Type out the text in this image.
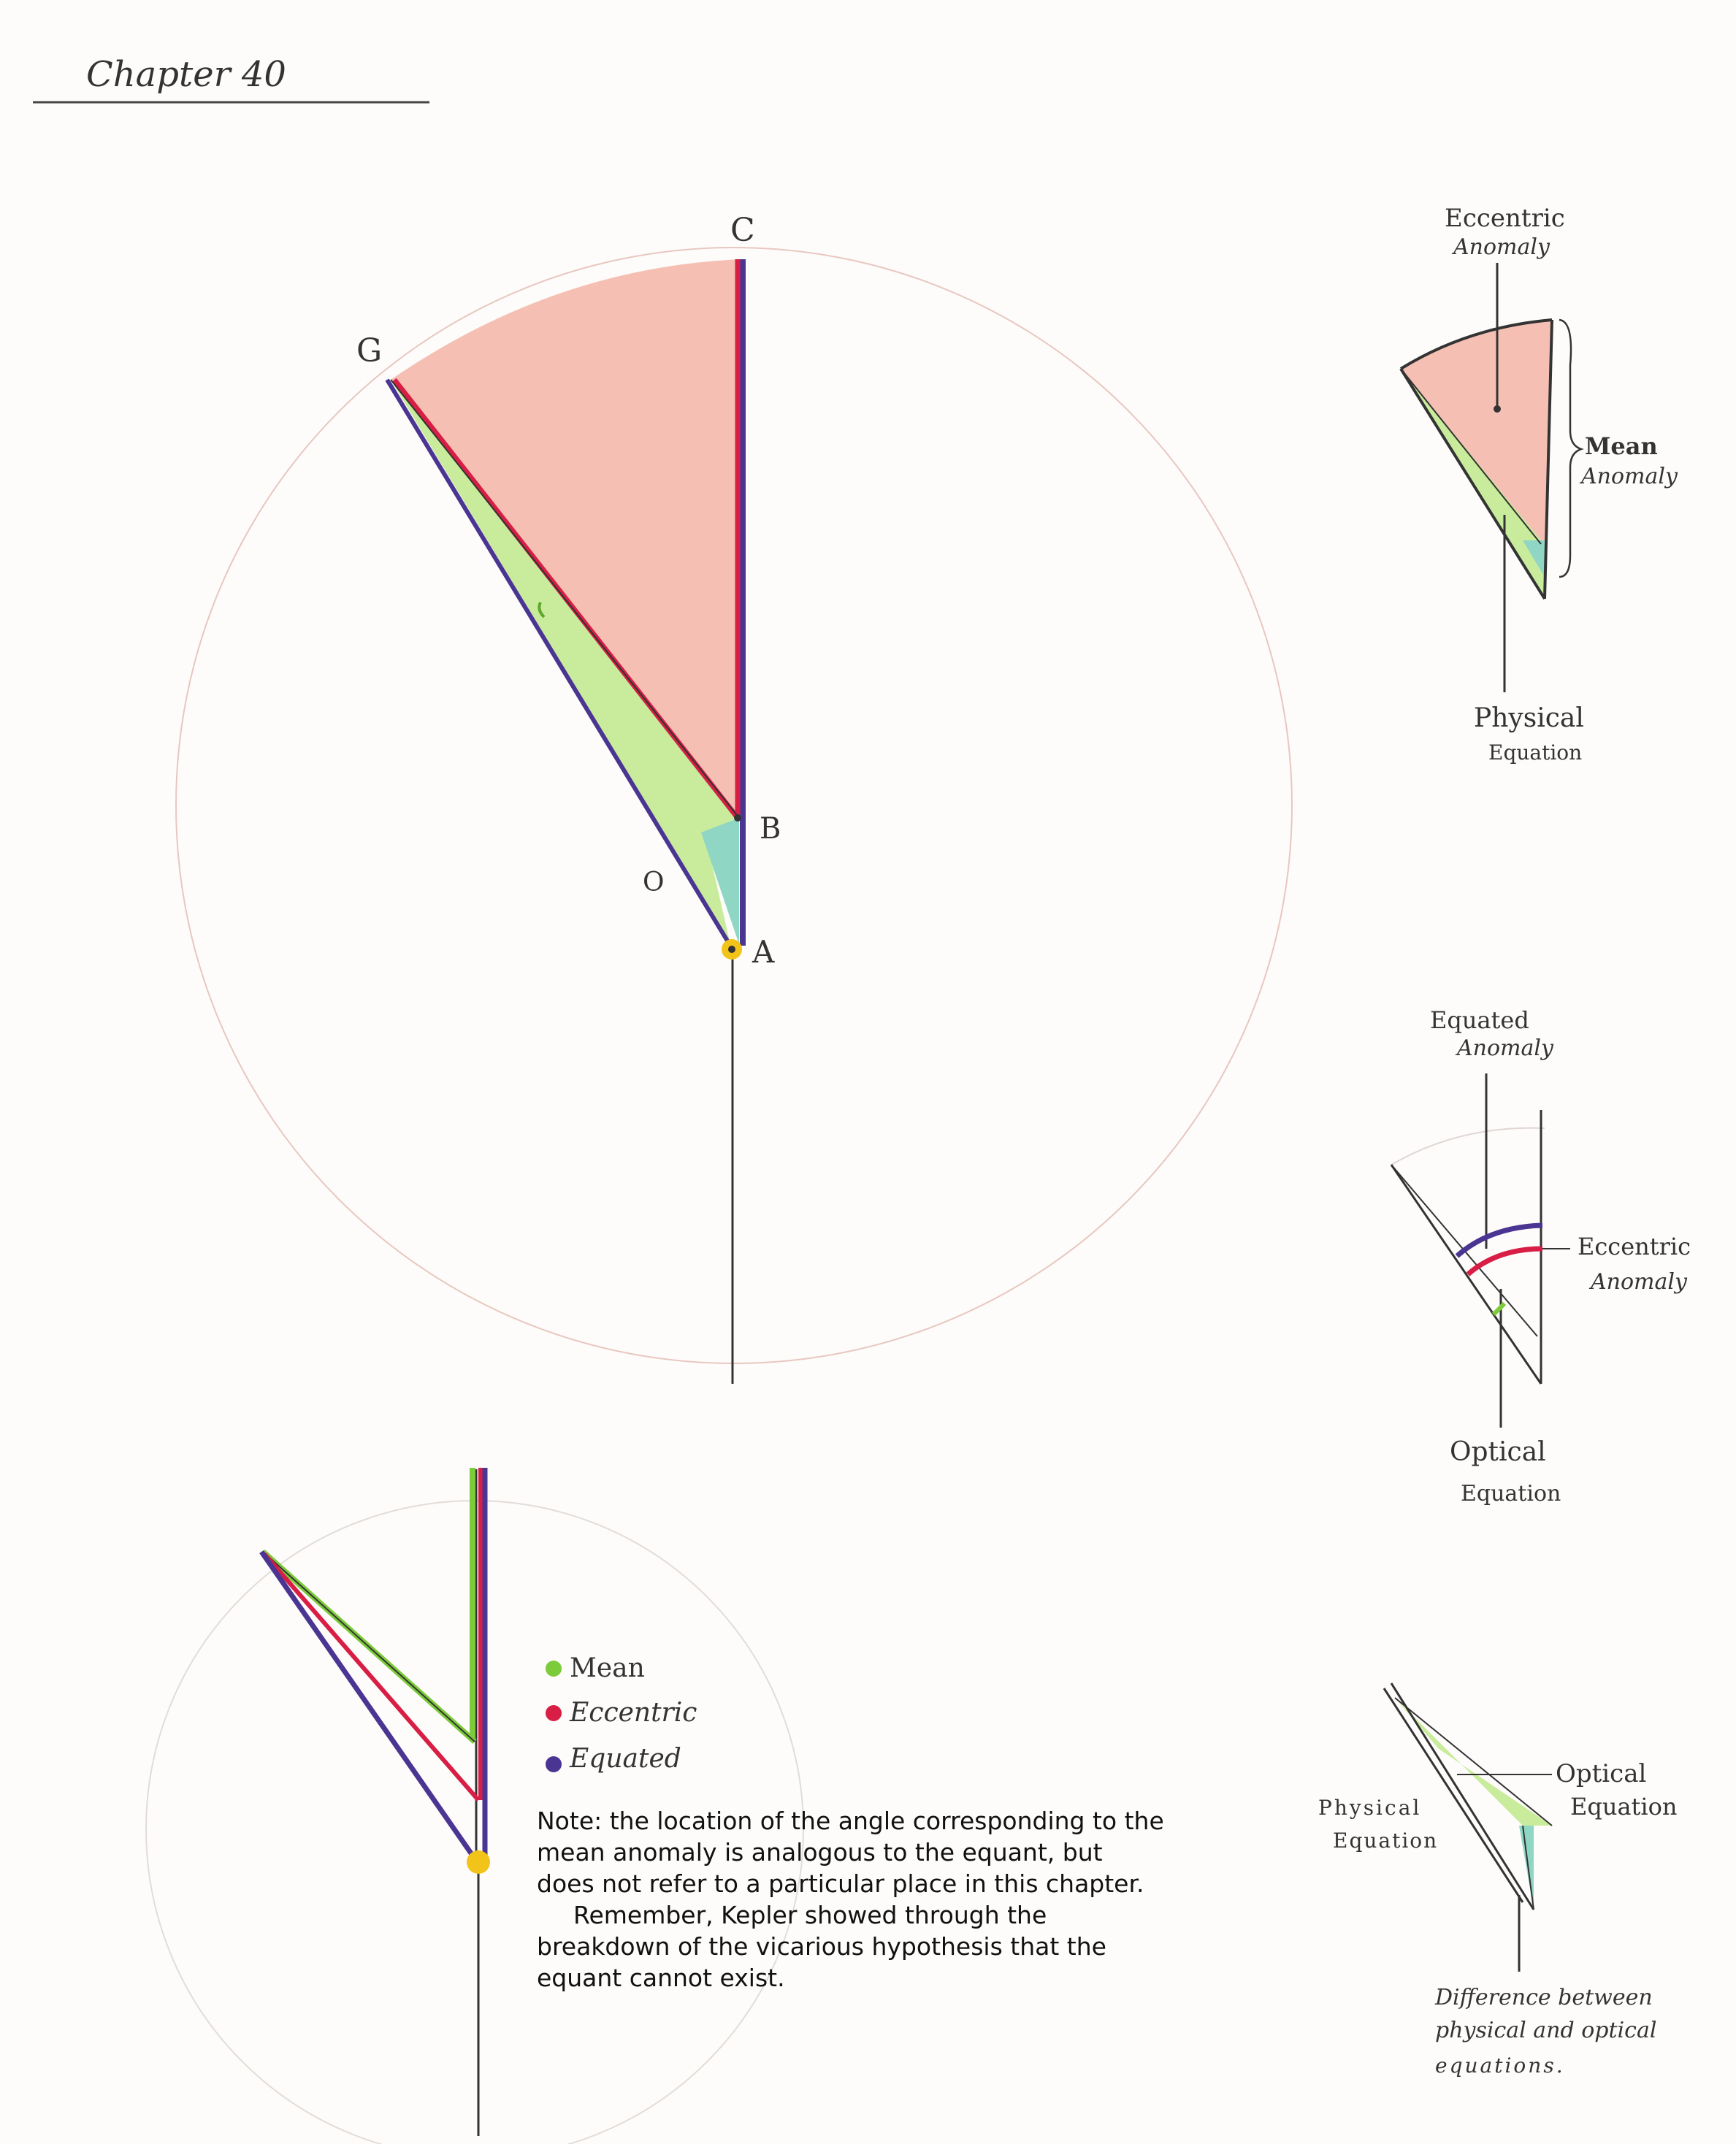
Chapter 40
C
G
B
O
A
Eccentric
Anomaly
Mean
Anomaly
Physical
Equation
Equated
Anomaly
Eccentric
Anomaly
Optical
Equation
Optical
Equation
Physical
Equation
Difference between
physical and optical
equations.
Mean
Eccentric
Equated

Note: the location of the angle corresponding to the mean anomaly is analogous to the equant, but does not refer to a particular place in this chapter.

Remember, Kepler showed through the breakdown of the vicarious hypothesis that the equant cannot exist.
